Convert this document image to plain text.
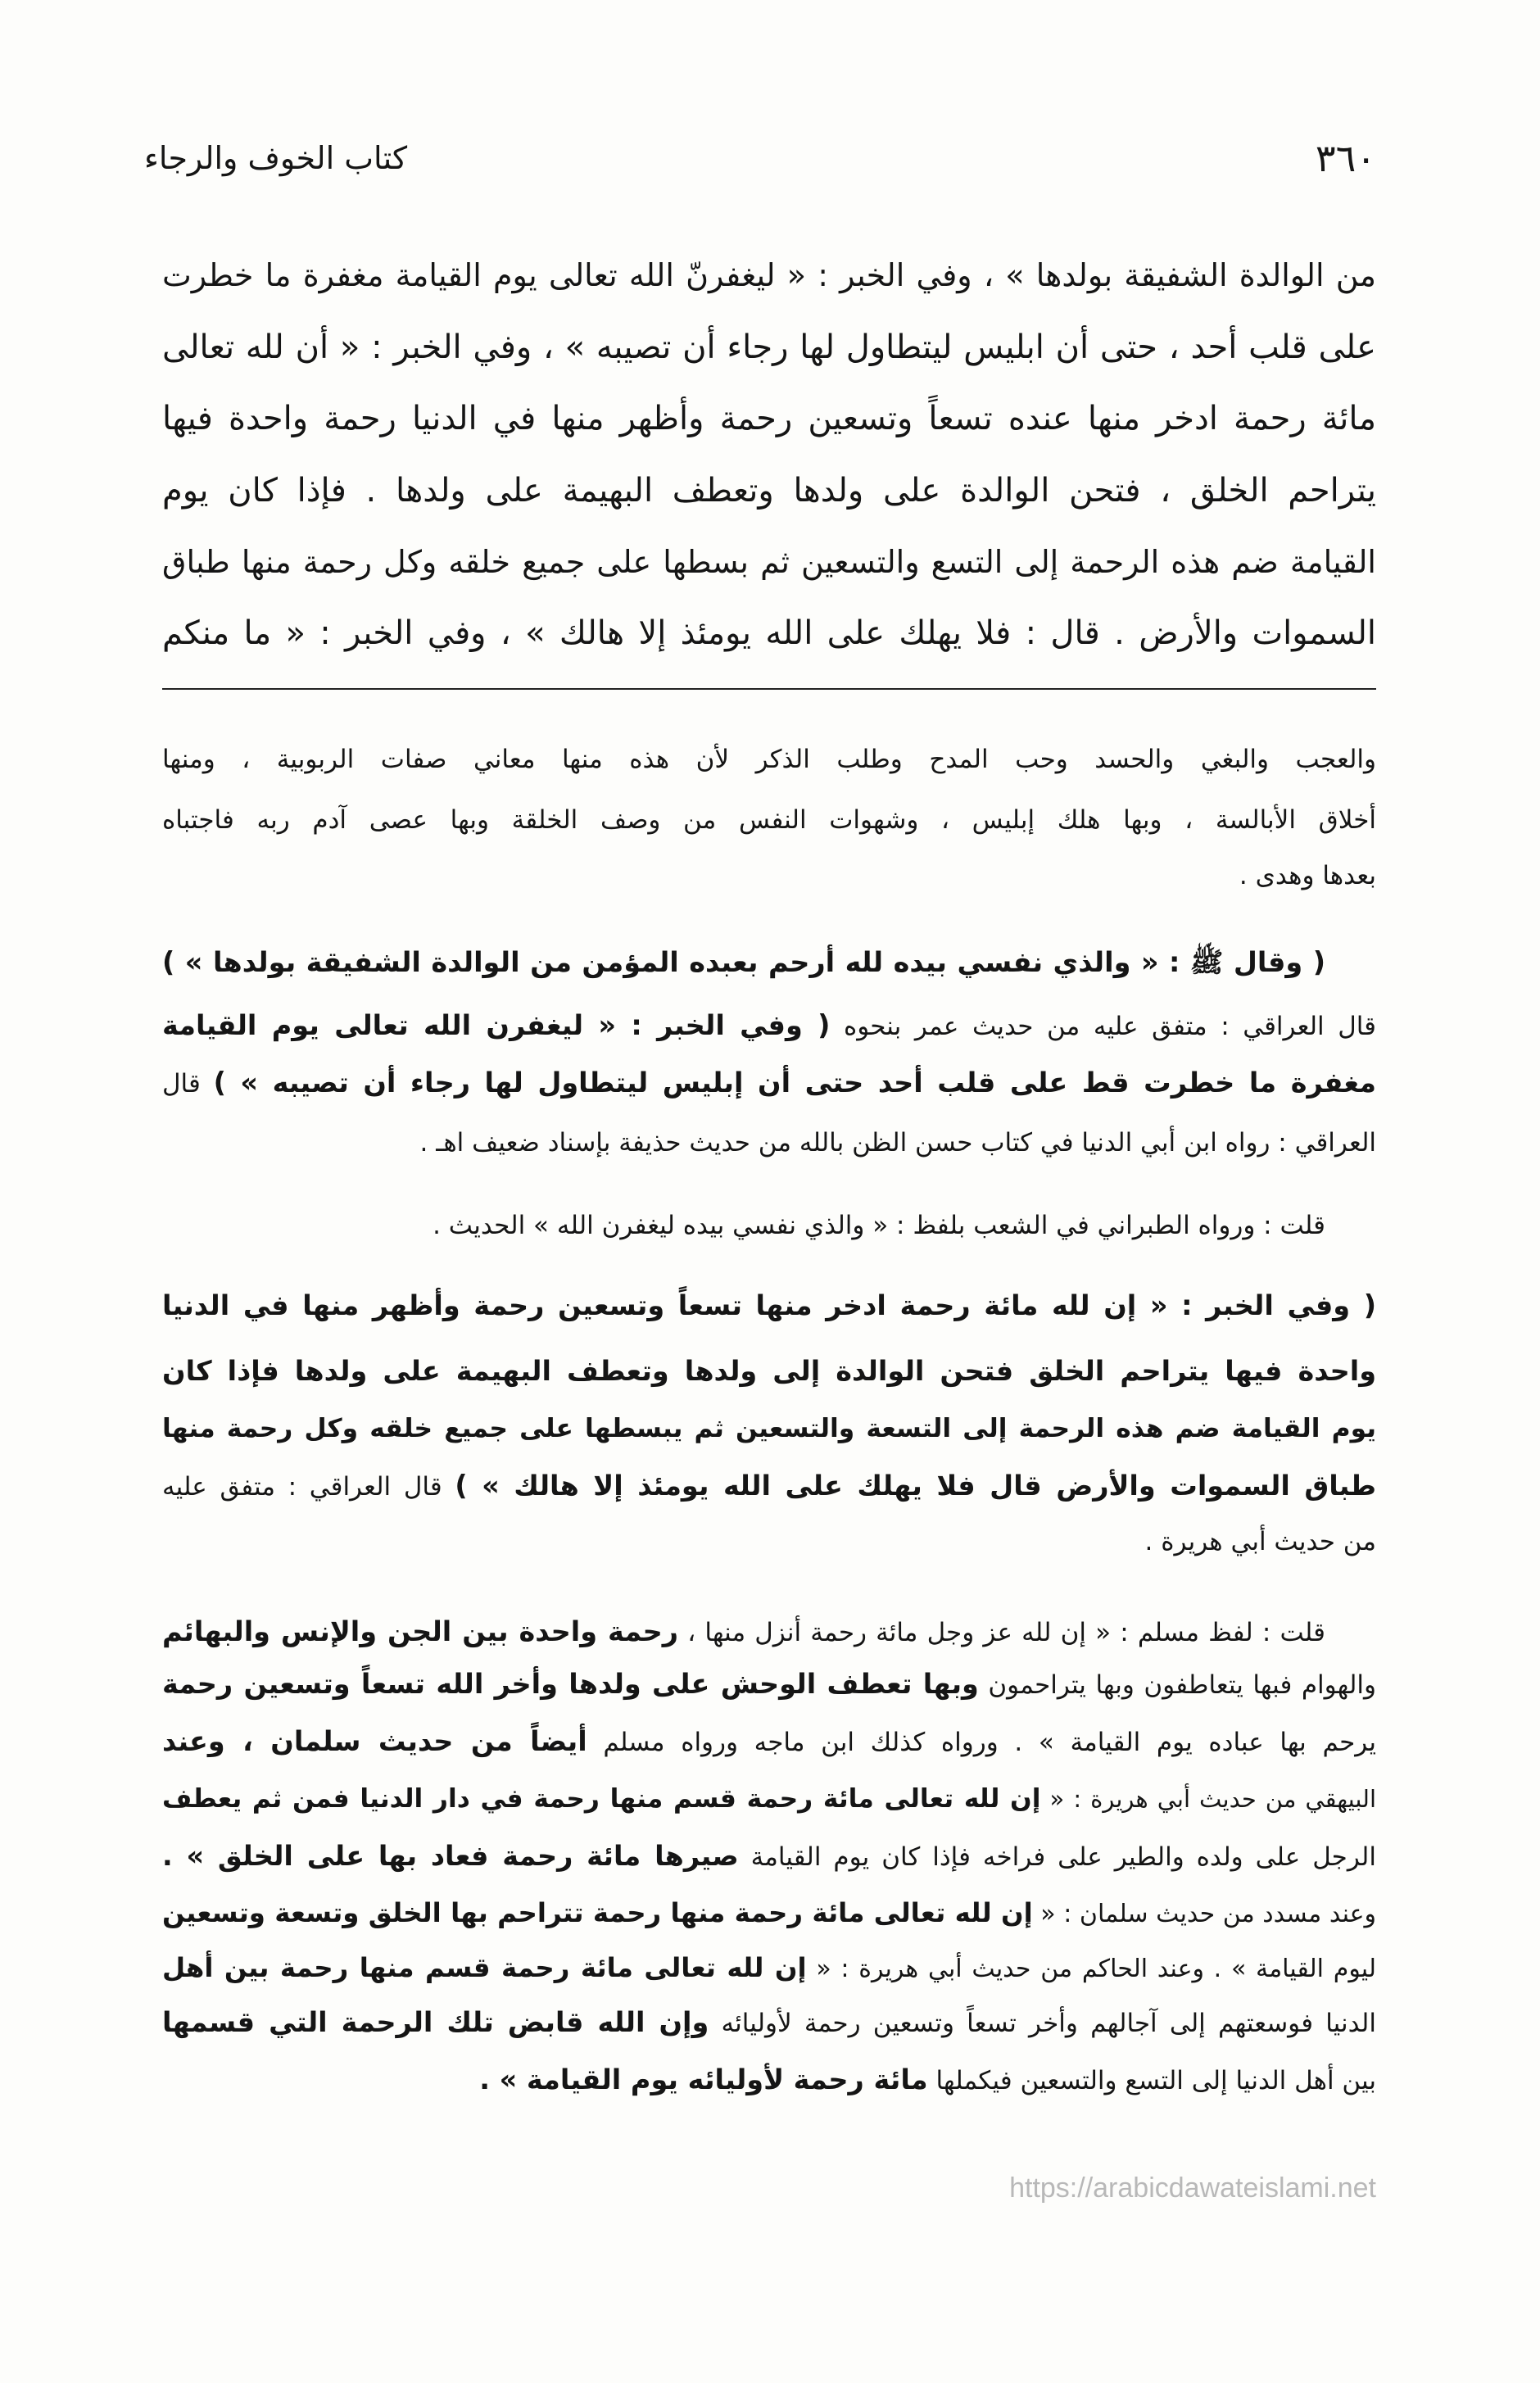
كتاب الخوف والرجاء	٣٦٠
من الوالدة الشفيقة بولدها » ، وفي الخبر : « ليغفرنّ الله تعالى يوم القيامة مغفرة ما خطرت
على قلب أحد ، حتى أن ابليس ليتطاول لها رجاء أن تصيبه » ، وفي الخبر : « أن لله تعالى
مائة رحمة ادخر منها عنده تسعاً وتسعين رحمة وأظهر منها في الدنيا رحمة واحدة فيها
يتراحم الخلق ، فتحن الوالدة على ولدها وتعطف البهيمة على ولدها . فإذا كان يوم
القيامة ضم هذه الرحمة إلى التسع والتسعين ثم بسطها على جميع خلقه وكل رحمة منها طباق
السموات والأرض . قال : فلا يهلك على الله يومئذ إلا هالك » ، وفي الخبر : « ما منكم
والعجب والبغي والحسد وحب المدح وطلب الذكر لأن هذه منها معاني صفات الربوبية ، ومنها
أخلاق الأبالسة ، وبها هلك إبليس ، وشهوات النفس من وصف الخلقة وبها عصى آدم ربه فاجتباه
بعدها وهدى .
( وقال ﷺ : « والذي نفسي بيده لله أرحم بعبده المؤمن من الوالدة الشفيقة بولدها » )
قال العراقي : متفق عليه من حديث عمر بنحوه ( وفي الخبر : « ليغفرن الله تعالى يوم القيامة
مغفرة ما خطرت قط على قلب أحد حتى أن إبليس ليتطاول لها رجاء أن تصيبه » ) قال
العراقي : رواه ابن أبي الدنيا في كتاب حسن الظن بالله من حديث حذيفة بإسناد ضعيف اهـ .
قلت : ورواه الطبراني في الشعب بلفظ : « والذي نفسي بيده ليغفرن الله » الحديث .
( وفي الخبر : « إن لله مائة رحمة ادخر منها تسعاً وتسعين رحمة وأظهر منها في الدنيا
واحدة فيها يتراحم الخلق فتحن الوالدة إلى ولدها وتعطف البهيمة على ولدها فإذا كان
يوم القيامة ضم هذه الرحمة إلى التسعة والتسعين ثم يبسطها على جميع خلقه وكل رحمة منها
طباق السموات والأرض قال فلا يهلك على الله يومئذ إلا هالك » ) قال العراقي : متفق عليه
من حديث أبي هريرة .
قلت : لفظ مسلم : « إن لله عز وجل مائة رحمة أنزل منها ، رحمة واحدة بين الجن والإنس والبهائم
والهوام فبها يتعاطفون وبها يتراحمون وبها تعطف الوحش على ولدها وأخر الله تسعاً وتسعين رحمة
يرحم بها عباده يوم القيامة » . ورواه كذلك ابن ماجه ورواه مسلم أيضاً من حديث سلمان ، وعند
البيهقي من حديث أبي هريرة : « إن لله تعالى مائة رحمة قسم منها رحمة في دار الدنيا فمن ثم يعطف
الرجل على ولده والطير على فراخه فإذا كان يوم القيامة صيرها مائة رحمة فعاد بها على الخلق » .
وعند مسدد من حديث سلمان : « إن لله تعالى مائة رحمة منها رحمة تتراحم بها الخلق وتسعة وتسعين
ليوم القيامة » . وعند الحاكم من حديث أبي هريرة : « إن لله تعالى مائة رحمة قسم منها رحمة بين أهل
الدنيا فوسعتهم إلى آجالهم وأخر تسعاً وتسعين رحمة لأوليائه وإن الله قابض تلك الرحمة التي قسمها
بين أهل الدنيا إلى التسع والتسعين فيكملها مائة رحمة لأوليائه يوم القيامة » .
https://arabicdawateislami.net
